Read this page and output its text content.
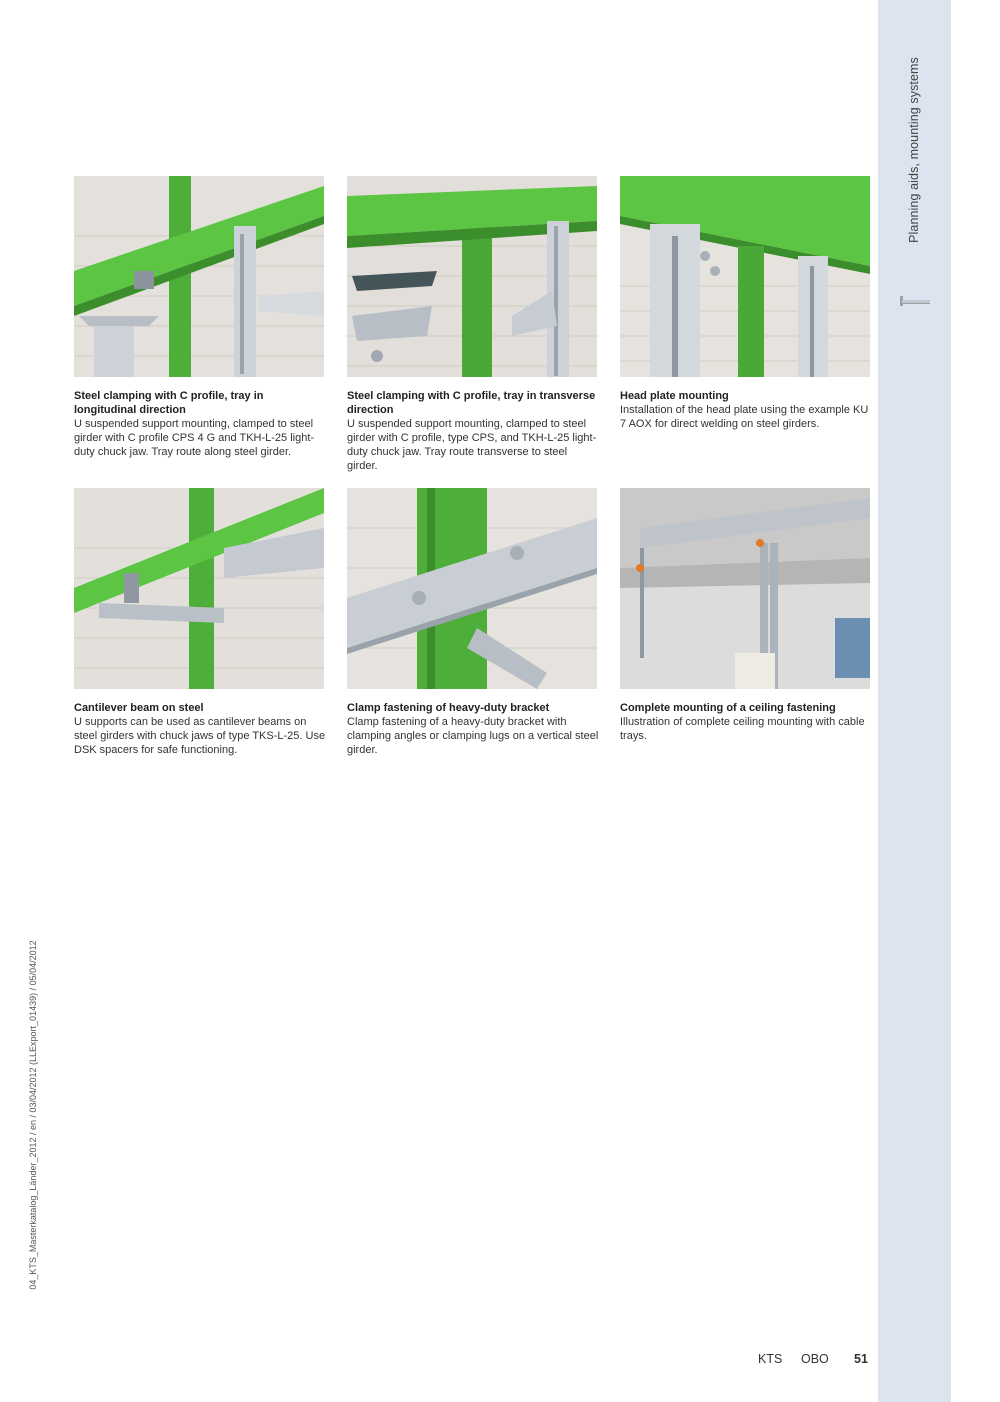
Planning aids, mounting systems
04_KTS_Masterkatalog_Länder_2012 / en / 03/04/2012 (LLExport_01439) / 05/04/2012
Steel clamping with C profile, tray in longitudinal direction
U suspended support mounting, clamped to steel girder with C profile CPS 4 G and TKH-L-25 light-duty chuck jaw. Tray route along steel girder.
Steel clamping with C profile, tray in transverse direction
U suspended support mounting, clamped to steel girder with C profile, type CPS, and TKH-L-25 light-duty chuck jaw. Tray route transverse to steel girder.
Head plate mounting
Installation of the head plate using the example KU 7 AOX for direct welding on steel girders.
Cantilever beam on steel
U supports can be used as cantilever beams on steel girders with chuck jaws of type TKS-L-25. Use DSK spacers for safe functioning.
Clamp fastening of heavy-duty bracket
Clamp fastening of a heavy-duty bracket with clamping angles or clamping lugs on a vertical steel girder.
Complete mounting of a ceiling fastening
Illustration of complete ceiling mounting with cable trays.
KTS OBO 51
